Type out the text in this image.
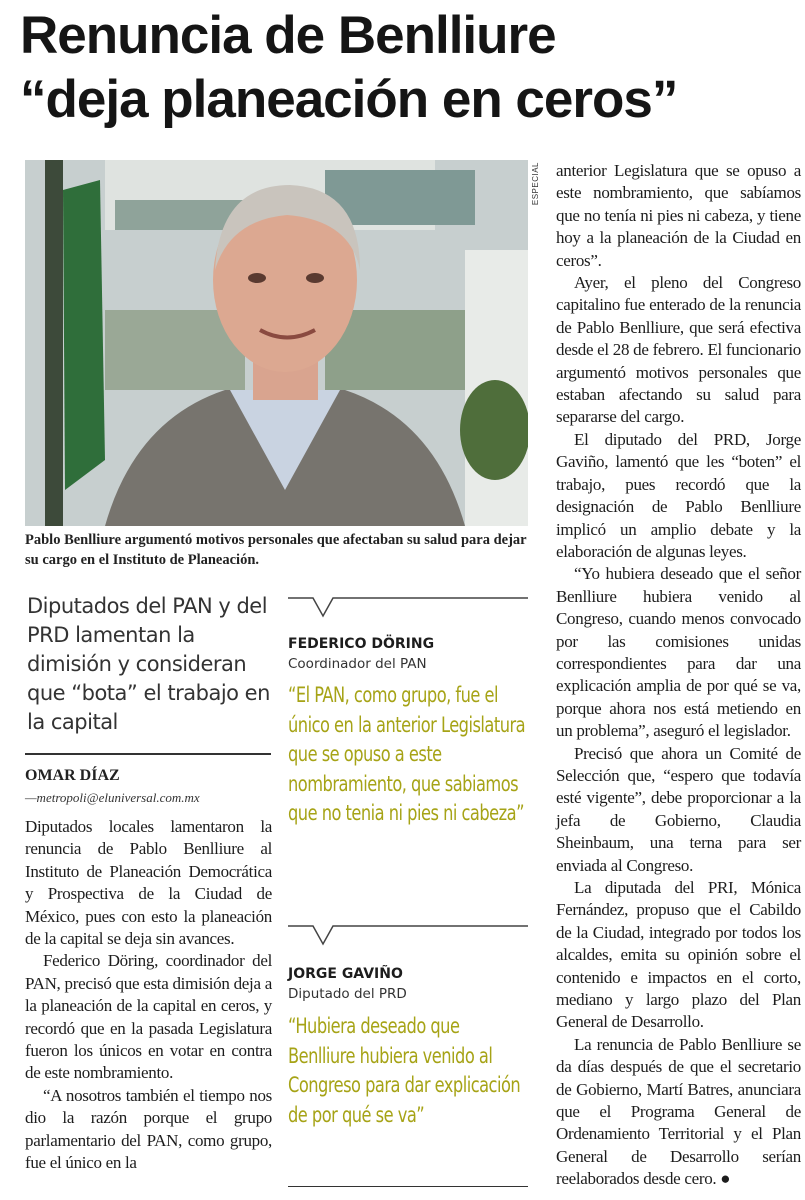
Renuncia de Benlliure
“deja planeación en ceros”
ESPECIAL
Pablo Benlliure argumentó motivos personales que afectaban su salud para dejar su cargo en el Instituto de Planeación.
Diputados del PAN y del PRD lamentan la dimisión y consideran que “bota” el trabajo en la capital
OMAR DÍAZ
—metropoli@eluniversal.com.mx

Diputados locales lamentaron la renuncia de Pablo Benlliure al Instituto de Planeación Democrática y Prospectiva de la Ciudad de México, pues con esto la planeación de la capital se deja sin avances.

Federico Döring, coordinador del PAN, precisó que esta dimisión deja a la planeación de la capital en ceros, y recordó que en la pasada Legislatura fueron los únicos en votar en contra de este nombramiento.

“A nosotros también el tiempo nos dio la razón porque el grupo parlamentario del PAN, como grupo, fue el único en la

FEDERICO DÖRING
Coordinador del PAN
“El PAN, como grupo, fue el único en la anterior Legislatura que se opuso a este nombramiento, que sabiamos que no tenia ni pies ni cabeza”
JORGE GAVIÑO
Diputado del PRD
“Hubiera deseado que Benlliure hubiera venido al Congreso para dar explicación de por qué se va”

anterior Legislatura que se opuso a este nombramiento, que sabíamos que no tenía ni pies ni cabeza, y tiene hoy a la planeación de la Ciudad en ceros”.

Ayer, el pleno del Congreso capitalino fue enterado de la renuncia de Pablo Benlliure, que será efectiva desde el 28 de febrero. El funcionario argumentó motivos personales que estaban afectando su salud para separarse del cargo.

El diputado del PRD, Jorge Gaviño, lamentó que les “boten” el trabajo, pues recordó que la designación de Pablo Benlliure implicó un amplio debate y la elaboración de algunas leyes.

“Yo hubiera deseado que el señor Benlliure hubiera venido al Congreso, cuando menos convocado por las comisiones unidas correspondientes para dar una explicación amplia de por qué se va, porque ahora nos está metiendo en un problema”, aseguró el legislador.

Precisó que ahora un Comité de Selección que, “espero que todavía esté vigente”, debe proporcionar a la jefa de Gobierno, Claudia Sheinbaum, una terna para ser enviada al Congreso.

La diputada del PRI, Mónica Fernández, propuso que el Cabildo de la Ciudad, integrado por todos los alcaldes, emita su opinión sobre el contenido e impactos en el corto, mediano y largo plazo del Plan General de Desarrollo.

La renuncia de Pablo Benlliure se da días después de que el secretario de Gobierno, Martí Batres, anunciara que el Programa General de Ordenamiento Territorial y el Plan General de Desarrollo serían reelaborados desde cero. ●
